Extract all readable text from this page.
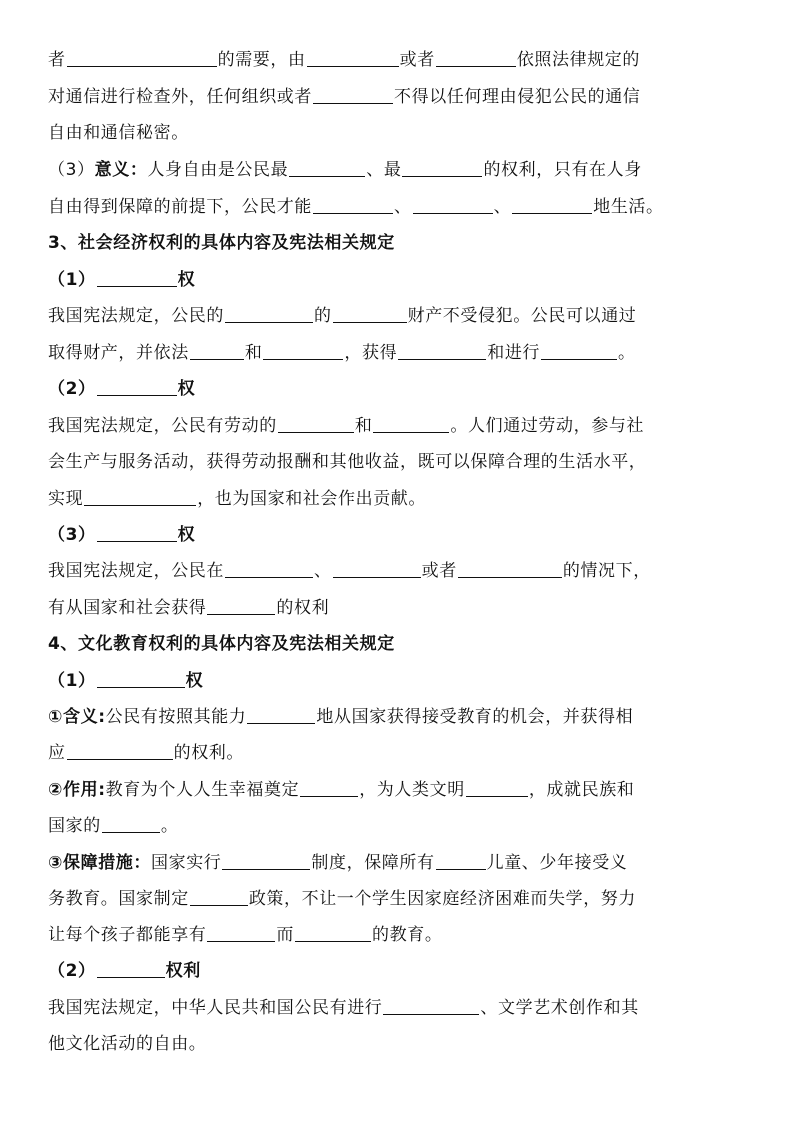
者	的需要，由	或者	依照法律规定的
对通信进行检查外，任何组织或者	不得以任何理由侵犯公民的通信
自由和通信秘密。
（3）意义：人身自由是公民最	、最	的权利，只有在人身
自由得到保障的前提下，公民才能	、	、	地生活。
3、社会经济权利的具体内容及宪法相关规定
（1）	权
我国宪法规定，公民的	的	财产不受侵犯。公民可以通过
取得财产，并依法	和	，获得	和进行	。
（2）	权
我国宪法规定，公民有劳动的	和	。人们通过劳动，参与社
会生产与服务活动，获得劳动报酬和其他收益，既可以保障合理的生活水平，
实现	，也为国家和社会作出贡献。
（3）	权
我国宪法规定，公民在	、	或者	的情况下，
有从国家和社会获得	的权利
4、文化教育权利的具体内容及宪法相关规定
（1）	权
①含义:公民有按照其能力	地从国家获得接受教育的机会，并获得相
应	的权利。
②作用:教育为个人人生幸福奠定	，为人类文明	，成就民族和
国家的	。
③保障措施：国家实行	制度，保障所有	儿童、少年接受义
务教育。国家制定	政策，不让一个学生因家庭经济困难而失学，努力
让每个孩子都能享有	而	的教育。
（2）	权利
我国宪法规定，中华人民共和国公民有进行	、文学艺术创作和其
他文化活动的自由。
